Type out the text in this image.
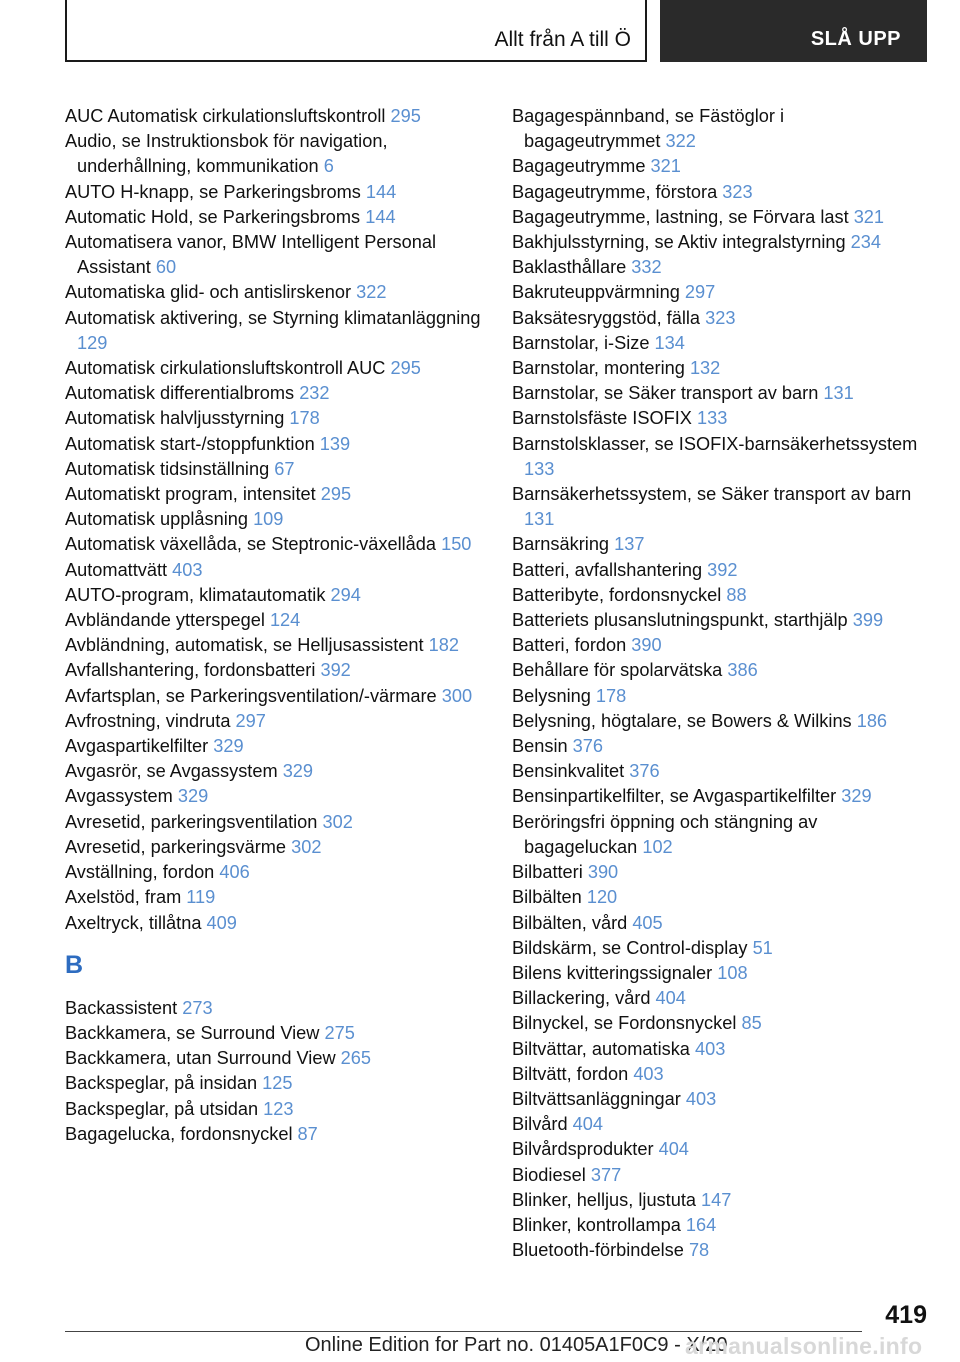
Allt från A till Ö	SLÅ UPP
AUC Automatisk cirkulationsluftskontroll 295
Audio, se Instruktionsbok för navigation, underhållning, kommunikation 6
AUTO H-knapp, se Parkeringsbroms 144
Automatic Hold, se Parkeringsbroms 144
Automatisera vanor, BMW Intelligent Personal Assistant 60
Automatiska glid- och antislirskenor 322
Automatisk aktivering, se Styrning klimatanläggning 129
Automatisk cirkulationsluftskontroll AUC 295
Automatisk differentialbroms 232
Automatisk halvljusstyrning 178
Automatisk start-/stoppfunktion 139
Automatisk tidsinställning 67
Automatiskt program, intensitet 295
Automatisk upplåsning 109
Automatisk växellåda, se Steptronic-växellåda 150
Automattvätt 403
AUTO-program, klimatautomatik 294
Avbländande ytterspegel 124
Avbländning, automatisk, se Helljusassistent 182
Avfallshantering, fordonsbatteri 392
Avfartsplan, se Parkeringsventilation/-värmare 300
Avfrostning, vindruta 297
Avgaspartikelfilter 329
Avgasrör, se Avgassystem 329
Avgassystem 329
Avresetid, parkeringsventilation 302
Avresetid, parkeringsvärme 302
Avställning, fordon 406
Axelstöd, fram 119
Axeltryck, tillåtna 409
B
Backassistent 273
Backkamera, se Surround View 275
Backkamera, utan Surround View 265
Backspeglar, på insidan 125
Backspeglar, på utsidan 123
Bagagelucka, fordonsnyckel 87
Bagagespännband, se Fästöglor i bagageutrymmet 322
Bagageutrymme 321
Bagageutrymme, förstora 323
Bagageutrymme, lastning, se Förvara last 321
Bakhjulsstyrning, se Aktiv integralstyrning 234
Baklasthållare 332
Bakruteuppvärmning 297
Baksätesryggstöd, fälla 323
Barnstolar, i-Size 134
Barnstolar, montering 132
Barnstolar, se Säker transport av barn 131
Barnstolsfäste ISOFIX 133
Barnstolsklasser, se ISOFIX-barnsäkerhetssystem 133
Barnsäkerhetssystem, se Säker transport av barn 131
Barnsäkring 137
Batteri, avfallshantering 392
Batteribyte, fordonsnyckel 88
Batteriets plusanslutningspunkt, starthjälp 399
Batteri, fordon 390
Behållare för spolarvätska 386
Belysning 178
Belysning, högtalare, se Bowers & Wilkins 186
Bensin 376
Bensinkvalitet 376
Bensinpartikelfilter, se Avgaspartikelfilter 329
Beröringsfri öppning och stängning av bagageluckan 102
Bilbatteri 390
Bilbälten 120
Bilbälten, vård 405
Bildskärm, se Control-display 51
Bilens kvitteringssignaler 108
Billackering, vård 404
Bilnyckel, se Fordonsnyckel 85
Biltvättar, automatiska 403
Biltvätt, fordon 403
Biltvättsanläggningar 403
Bilvård 404
Bilvårdsprodukter 404
Biodiesel 377
Blinker, helljus, ljustuta 147
Blinker, kontrollampa 164
Bluetooth-förbindelse 78
419
Online Edition for Part no. 01405A1F0C9 - X/20
armanualsonline.info
